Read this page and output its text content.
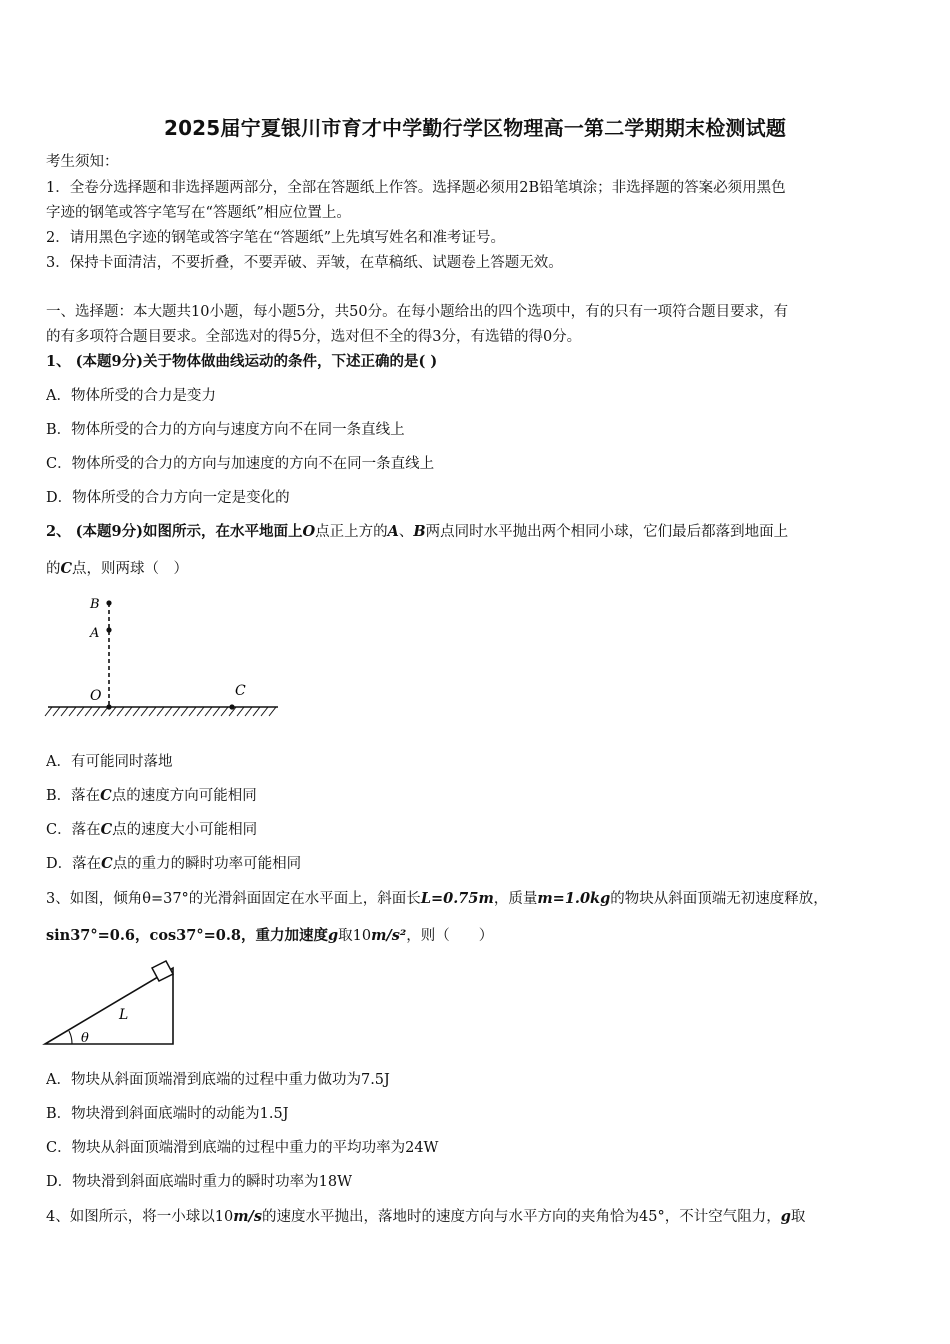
2025届宁夏银川市育才中学勤行学区物理高一第二学期期末检测试题
考生须知：
1．全卷分选择题和非选择题两部分，全部在答题纸上作答。选择题必须用2B铅笔填涂；非选择题的答案必须用黑色
字迹的钢笔或答字笔写在“答题纸”相应位置上。
2．请用黑色字迹的钢笔或答字笔在“答题纸”上先填写姓名和准考证号。
3．保持卡面清洁，不要折叠，不要弄破、弄皱，在草稿纸、试题卷上答题无效。
一、选择题：本大题共10小题，每小题5分，共50分。在每小题给出的四个选项中，有的只有一项符合题目要求，有
的有多项符合题目要求。全部选对的得5分，选对但不全的得3分，有选错的得0分。
1、 (本题9分)关于物体做曲线运动的条件，下述正确的是( )
A．物体所受的合力是变力
B．物体所受的合力的方向与速度方向不在同一条直线上
C．物体所受的合力的方向与加速度的方向不在同一条直线上
D．物体所受的合力方向一定是变化的
2、 (本题9分)如图所示，在水平地面上O点正上方的A、B两点同时水平抛出两个相同小球，它们最后都落到地面上
的C点，则两球（　）
B
A
O	C
A．有可能同时落地
B．落在C点的速度方向可能相同
C．落在C点的速度大小可能相同
D．落在C点的重力的瞬时功率可能相同
3、如图，倾角θ=37°的光滑斜面固定在水平面上，斜面长L=0.75m，质量m=1.0kg的物块从斜面顶端无初速度释放，
sin37°=0.6，cos37°=0.8，重力加速度g取10m/s²，则（　　）
L
θ
A．物块从斜面顶端滑到底端的过程中重力做功为7.5J
B．物块滑到斜面底端时的动能为1.5J
C．物块从斜面顶端滑到底端的过程中重力的平均功率为24W
D．物块滑到斜面底端时重力的瞬时功率为18W
4、如图所示，将一小球以10m/s的速度水平抛出，落地时的速度方向与水平方向的夹角恰为45°，不计空气阻力，g取
